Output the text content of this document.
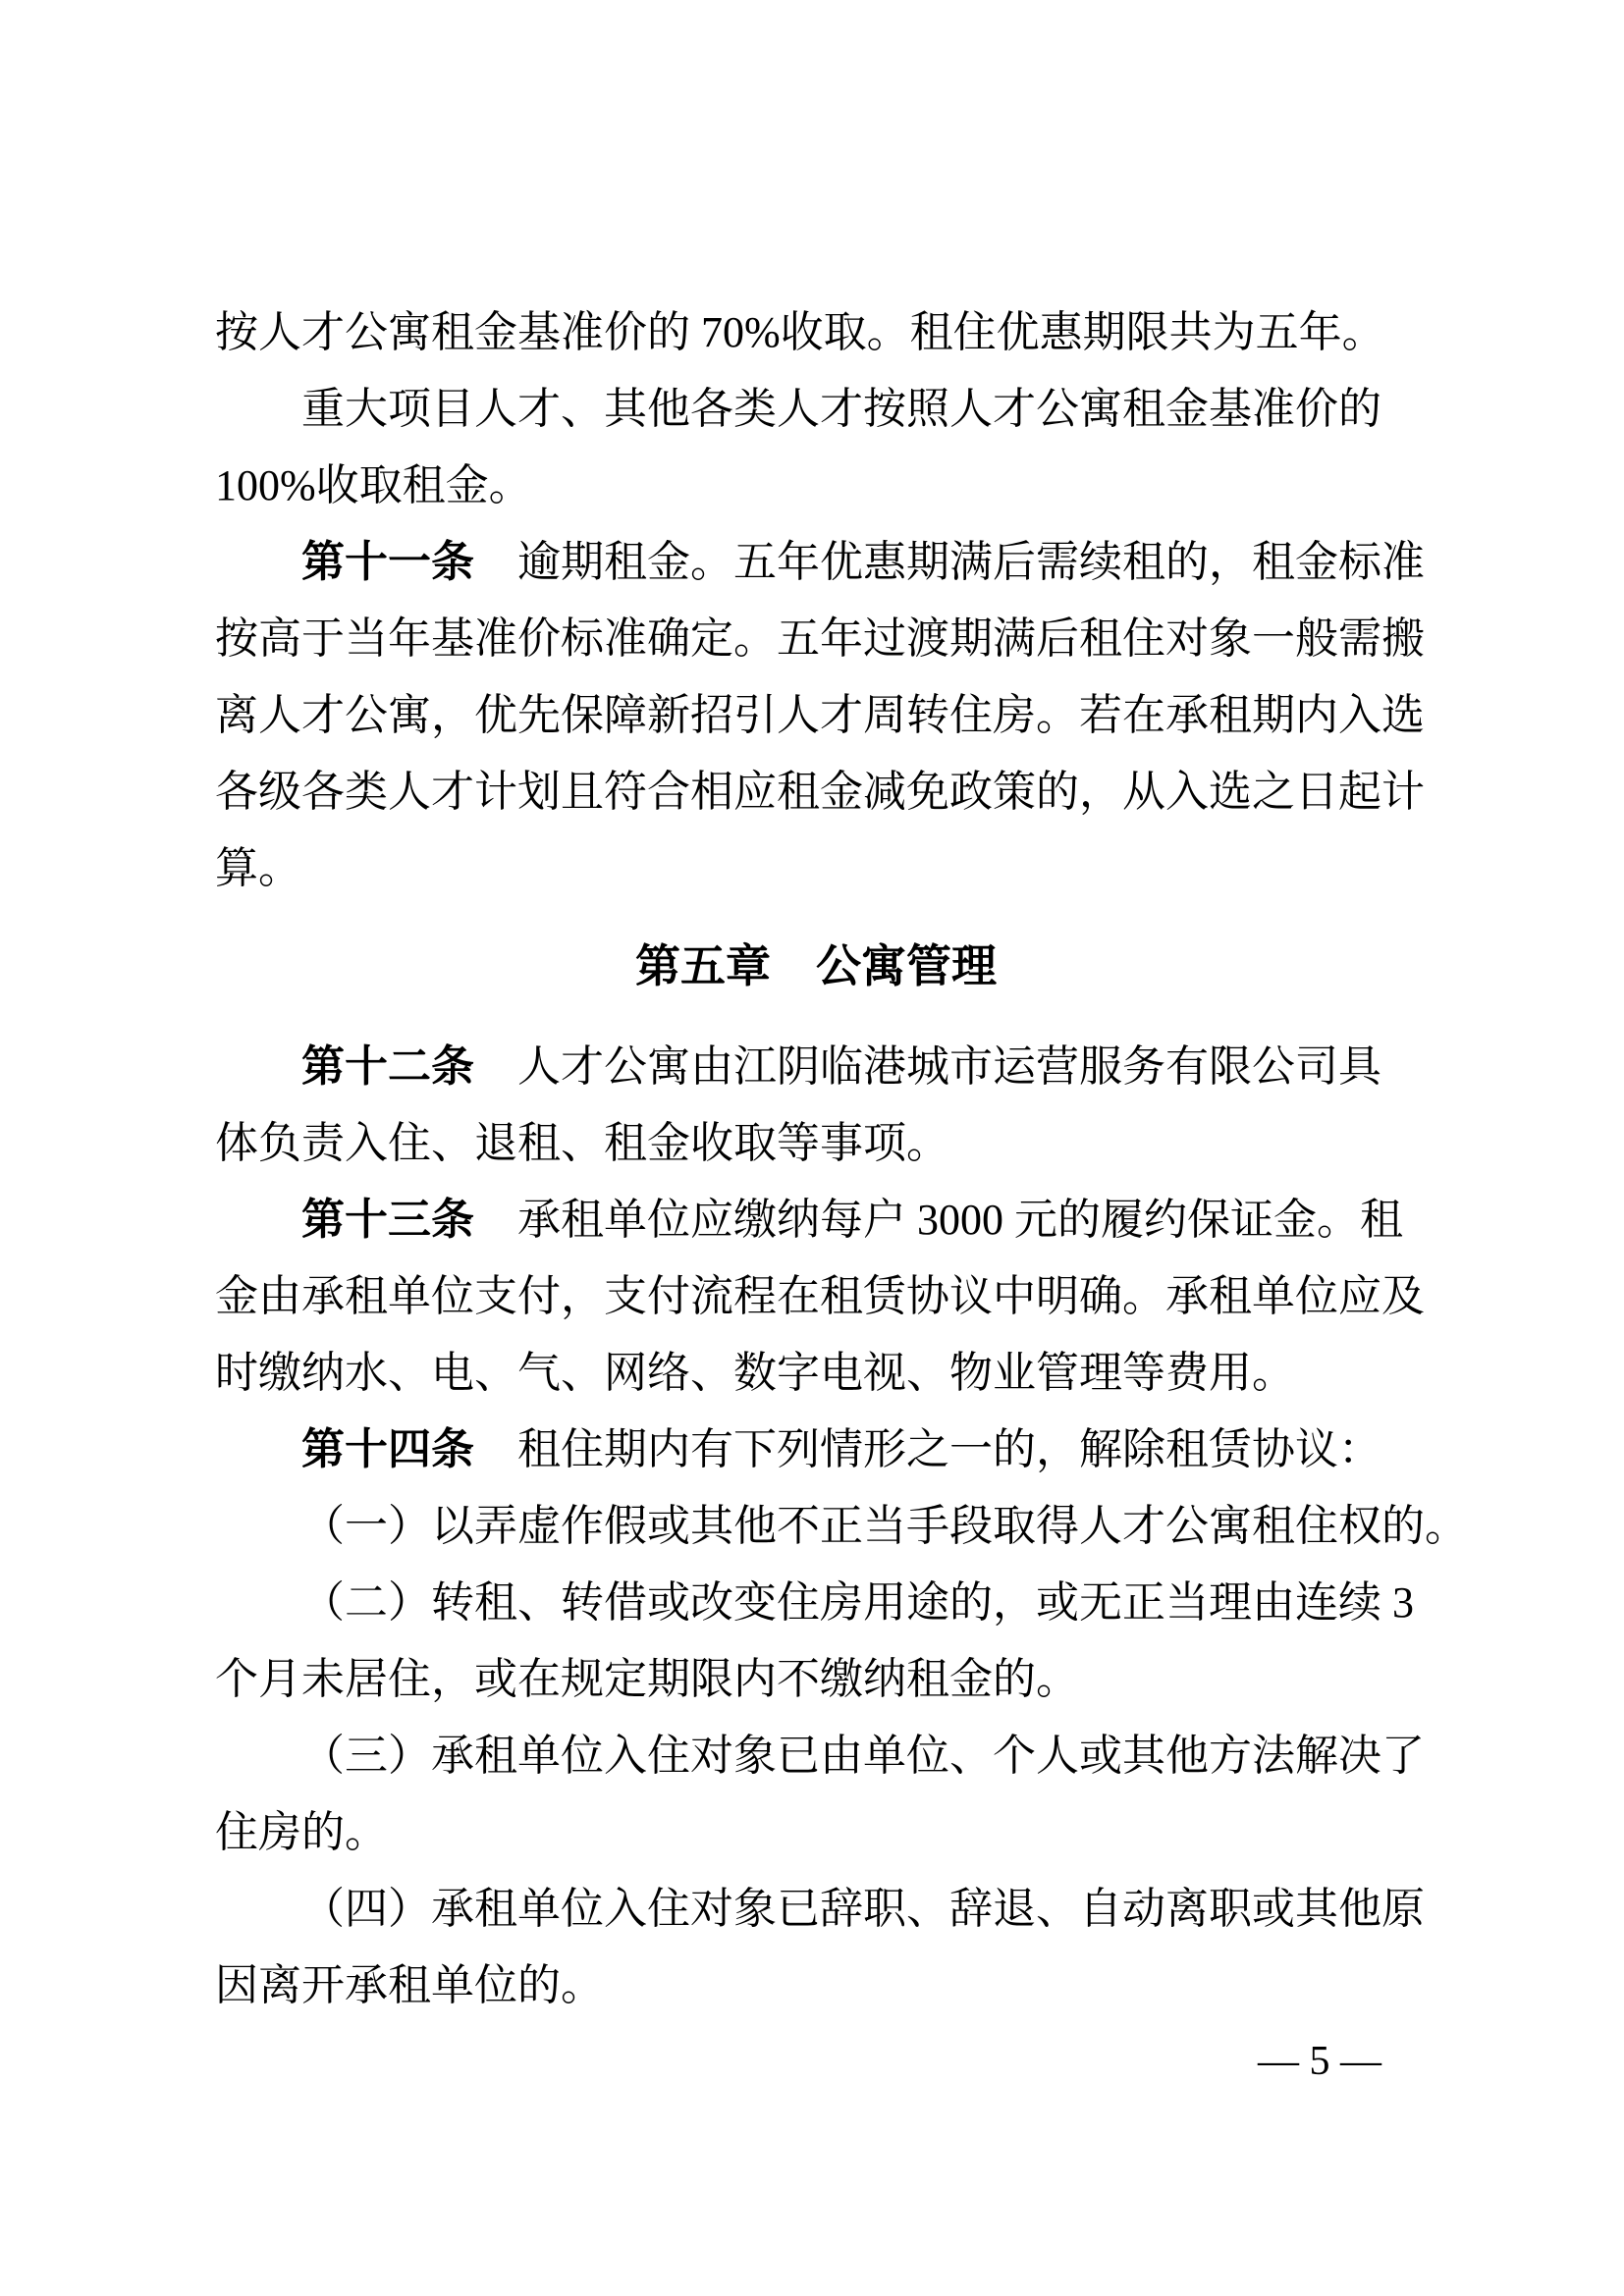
按人才公寓租金基准价的 70%收取。租住优惠期限共为五年。

重大项目人才、其他各类人才按照人才公寓租金基准价的
100%收取租金。

第十一条　逾期租金。五年优惠期满后需续租的，租金标准
按高于当年基准价标准确定。五年过渡期满后租住对象一般需搬
离人才公寓，优先保障新招引人才周转住房。若在承租期内入选
各级各类人才计划且符合相应租金减免政策的，从入选之日起计
算。

第五章　公寓管理

第十二条　人才公寓由江阴临港城市运营服务有限公司具
体负责入住、退租、租金收取等事项。

第十三条　承租单位应缴纳每户 3000 元的履约保证金。租
金由承租单位支付，支付流程在租赁协议中明确。承租单位应及
时缴纳水、电、气、网络、数字电视、物业管理等费用。

第十四条　租住期内有下列情形之一的，解除租赁协议：

（一）以弄虚作假或其他不正当手段取得人才公寓租住权的。

（二）转租、转借或改变住房用途的，或无正当理由连续 3
个月未居住，或在规定期限内不缴纳租金的。

（三）承租单位入住对象已由单位、个人或其他方法解决了
住房的。

（四）承租单位入住对象已辞职、辞退、自动离职或其他原
因离开承租单位的。

— 5 —
